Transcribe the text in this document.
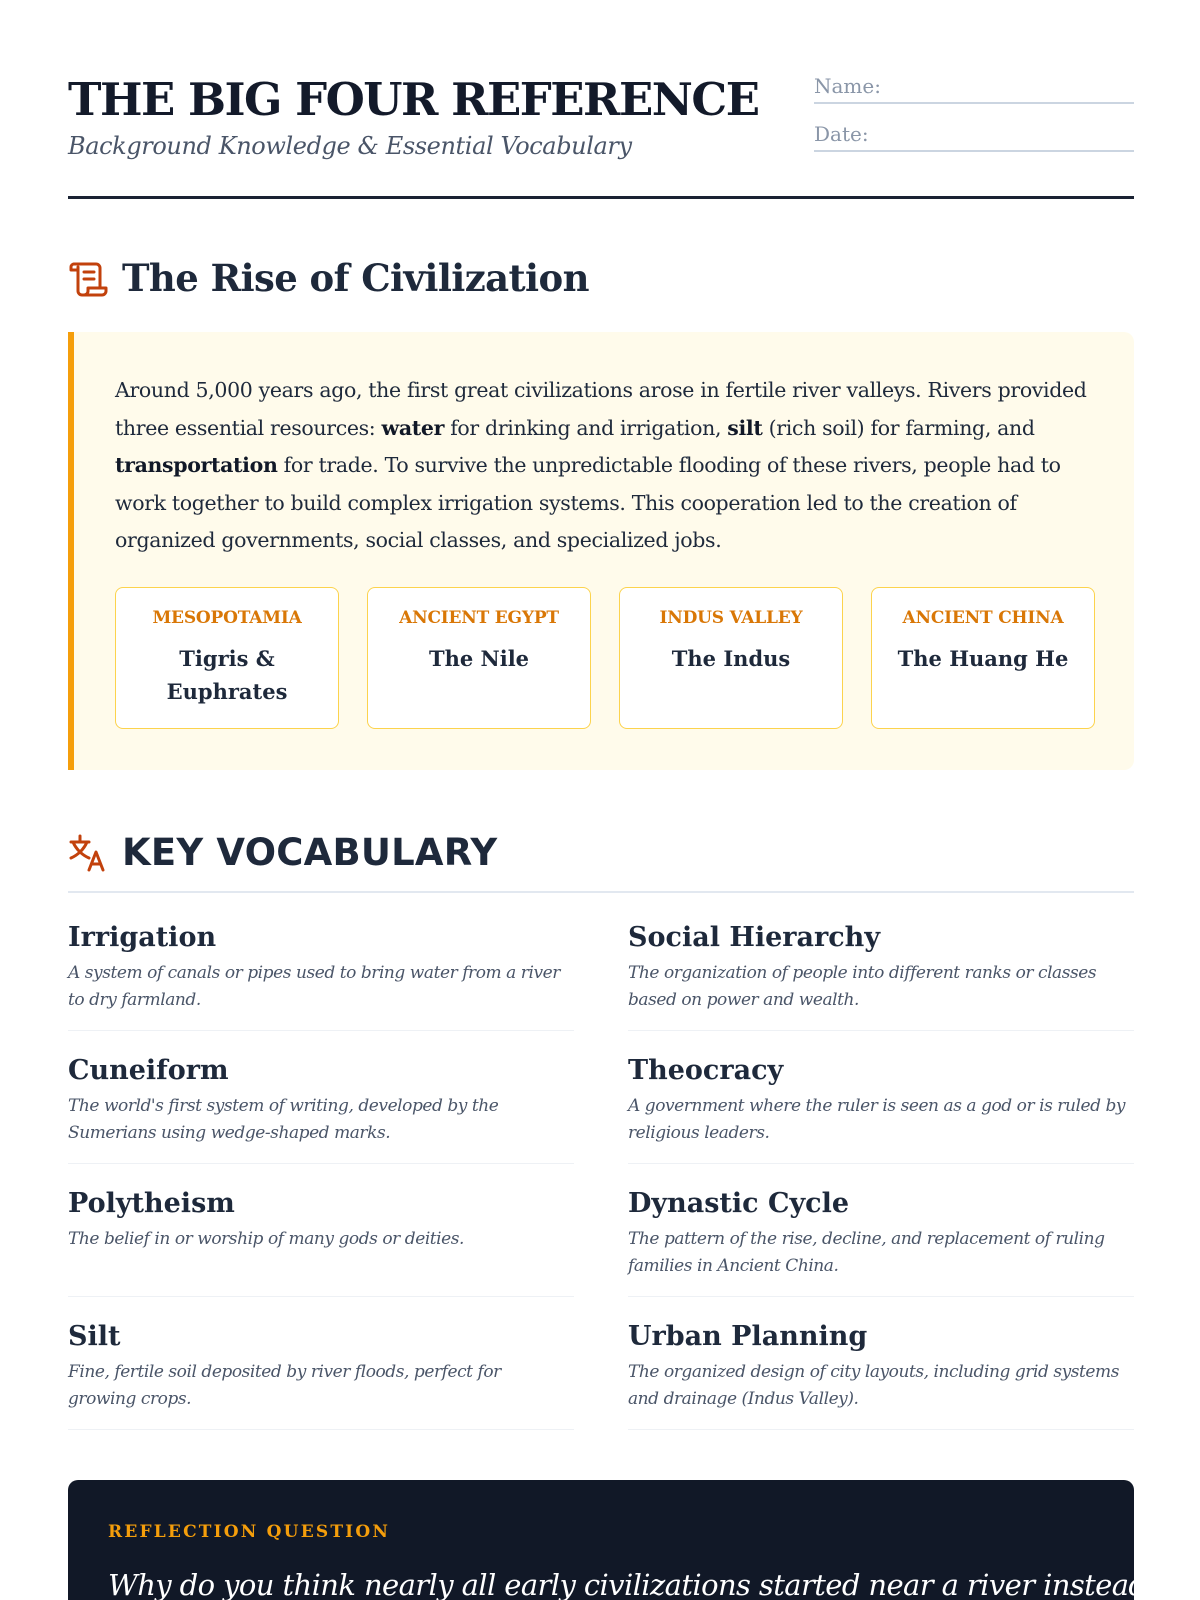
THE BIG FOUR REFERENCE
Background Knowledge & Essential Vocabulary
Name:
Date:
The Rise of Civilization
Around 5,000 years ago, the first great civilizations arose in fertile river valleys. Rivers provided three essential resources: water for drinking and irrigation, silt (rich soil) for farming, and transportation for trade. To survive the unpredictable flooding of these rivers, people had to work together to build complex irrigation systems. This cooperation led to the creation of organized governments, social classes, and specialized jobs.
MESOPOTAMIA
Tigris & Euphrates
ANCIENT EGYPT
The Nile
INDUS VALLEY
The Indus
ANCIENT CHINA
The Huang He
KEY VOCABULARY
Irrigation
A system of canals or pipes used to bring water from a river to dry farmland.
Social Hierarchy
The organization of people into different ranks or classes based on power and wealth.
Cuneiform
The world's first system of writing, developed by the Sumerians using wedge-shaped marks.
Theocracy
A government where the ruler is seen as a god or is ruled by religious leaders.
Polytheism
The belief in or worship of many gods or deities.
Dynastic Cycle
The pattern of the rise, decline, and replacement of ruling families in Ancient China.
Silt
Fine, fertile soil deposited by river floods, perfect for growing crops.
Urban Planning
The organized design of city layouts, including grid systems and drainage (Indus Valley).
REFLECTION QUESTION
Why do you think nearly all early civilizations started near a river instead
